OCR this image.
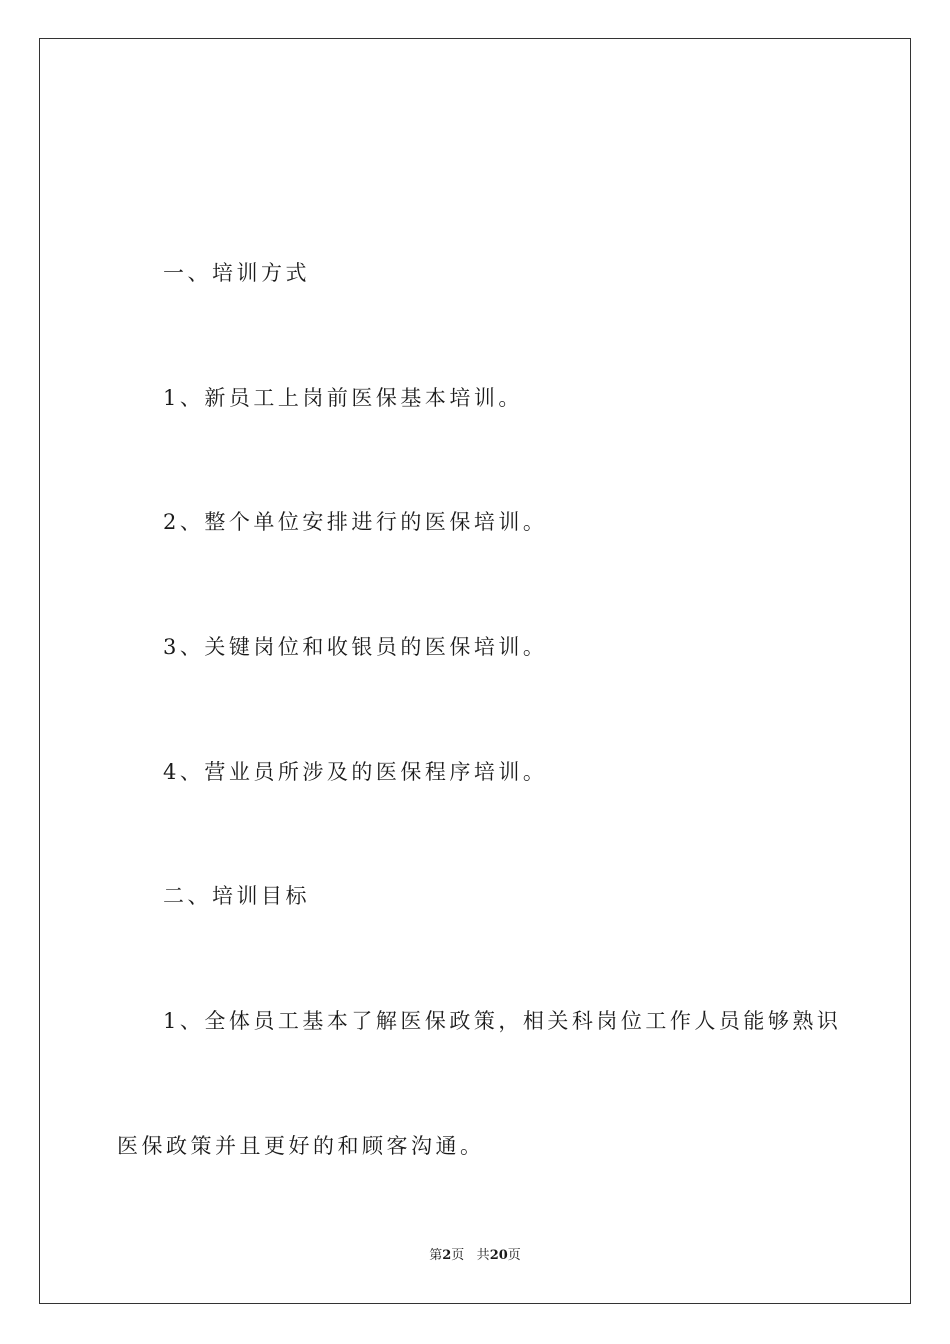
一、培训方式
1、新员工上岗前医保基本培训。
2、整个单位安排进行的医保培训。
3、关键岗位和收银员的医保培训。
4、营业员所涉及的医保程序培训。
二、培训目标
1、全体员工基本了解医保政策，相关科岗位工作人员能够熟识
医保政策并且更好的和顾客沟通。
第2页 共20页
